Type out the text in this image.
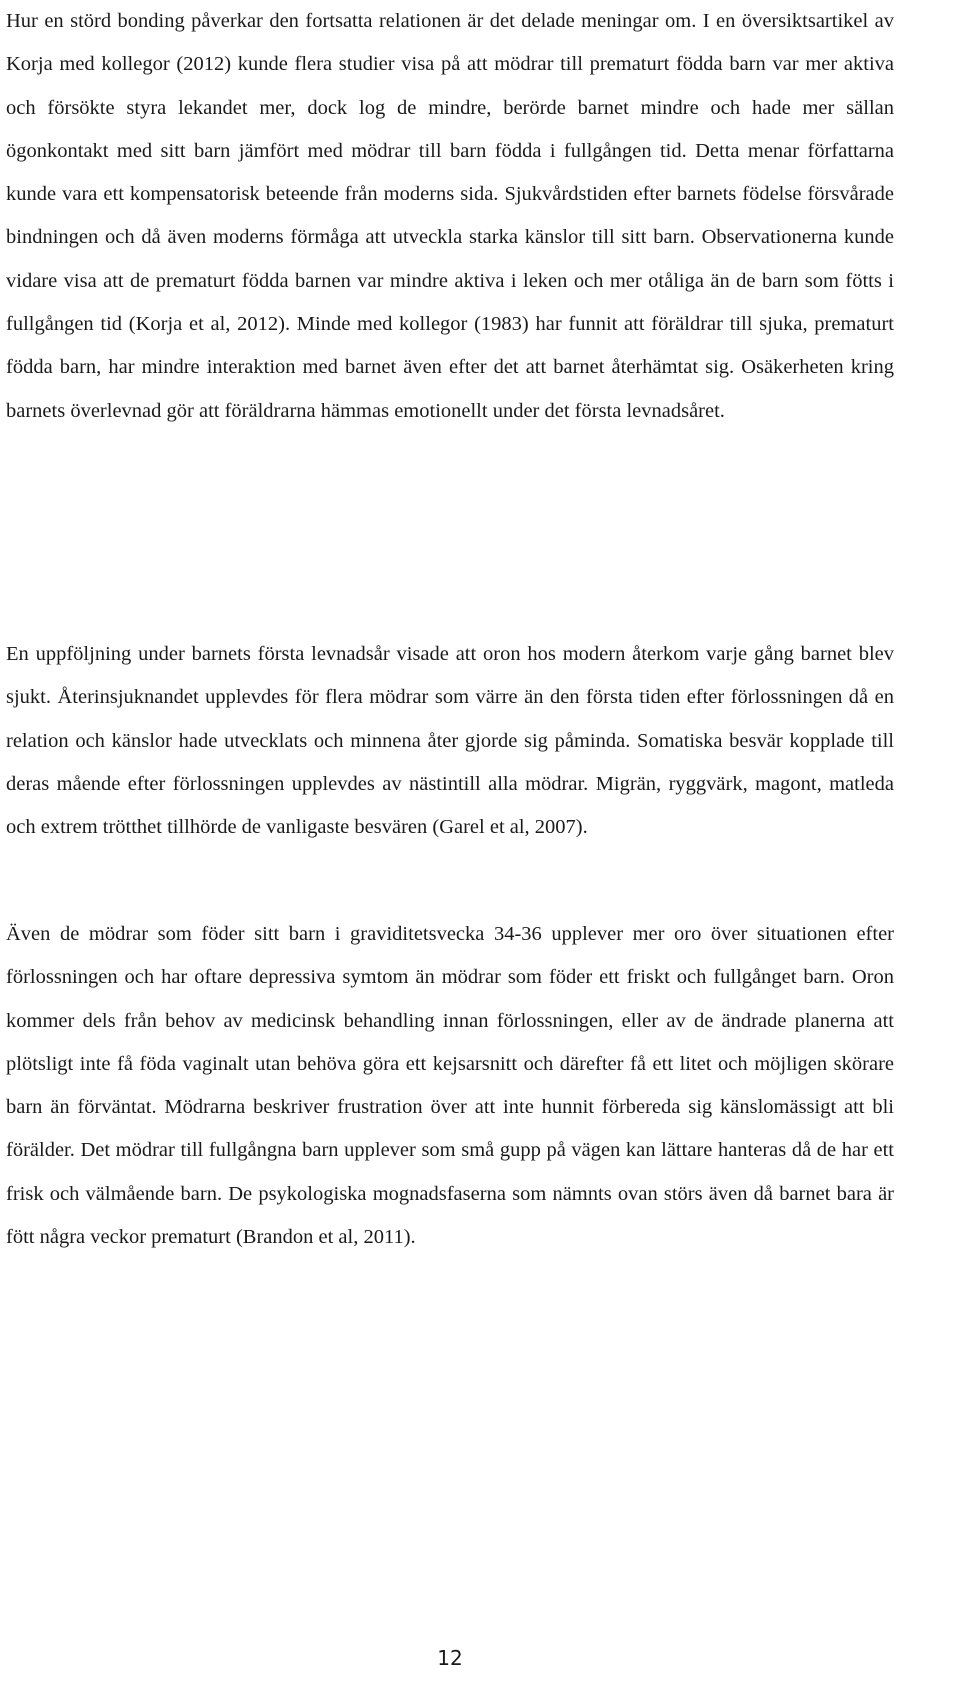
Hur en störd bonding påverkar den fortsatta relationen är det delade meningar om. I en översiktsartikel av Korja med kollegor (2012) kunde flera studier visa på att mödrar till prematurt födda barn var mer aktiva och försökte styra lekandet mer, dock log de mindre, berörde barnet mindre och hade mer sällan ögonkontakt med sitt barn jämfört med mödrar till barn födda i fullgången tid. Detta menar författarna kunde vara ett kompensatorisk beteende från moderns sida. Sjukvårdstiden efter barnets födelse försvårade bindningen och då även moderns förmåga att utveckla starka känslor till sitt barn. Observationerna kunde vidare visa att de prematurt födda barnen var mindre aktiva i leken och mer otåliga än de barn som fötts i fullgången tid (Korja et al, 2012). Minde med kollegor (1983) har funnit att föräldrar till sjuka, prematurt födda barn, har mindre interaktion med barnet även efter det att barnet återhämtat sig. Osäkerheten kring barnets överlevnad gör att föräldrarna hämmas emotionellt under det första levnadsåret.

En uppföljning under barnets första levnadsår visade att oron hos modern återkom varje gång barnet blev sjukt. Återinsjuknandet upplevdes för flera mödrar som värre än den första tiden efter förlossningen då en relation och känslor hade utvecklats och minnena åter gjorde sig påminda. Somatiska besvär kopplade till deras mående efter förlossningen upplevdes av nästintill alla mödrar. Migrän, ryggvärk, magont, matleda och extrem trötthet tillhörde de vanligaste besvären (Garel et al, 2007).

Även de mödrar som föder sitt barn i graviditetsvecka 34-36 upplever mer oro över situationen efter förlossningen och har oftare depressiva symtom än mödrar som föder ett friskt och fullgånget barn. Oron kommer dels från behov av medicinsk behandling innan förlossningen, eller av de ändrade planerna att plötsligt inte få föda vaginalt utan behöva göra ett kejsarsnitt och därefter få ett litet och möjligen skörare barn än förväntat. Mödrarna beskriver frustration över att inte hunnit förbereda sig känslomässigt att bli förälder. Det mödrar till fullgångna barn upplever som små gupp på vägen kan lättare hanteras då de har ett frisk och välmående barn. De psykologiska mognadsfaserna som nämnts ovan störs även då barnet bara är fött några veckor prematurt (Brandon et al, 2011).

12
